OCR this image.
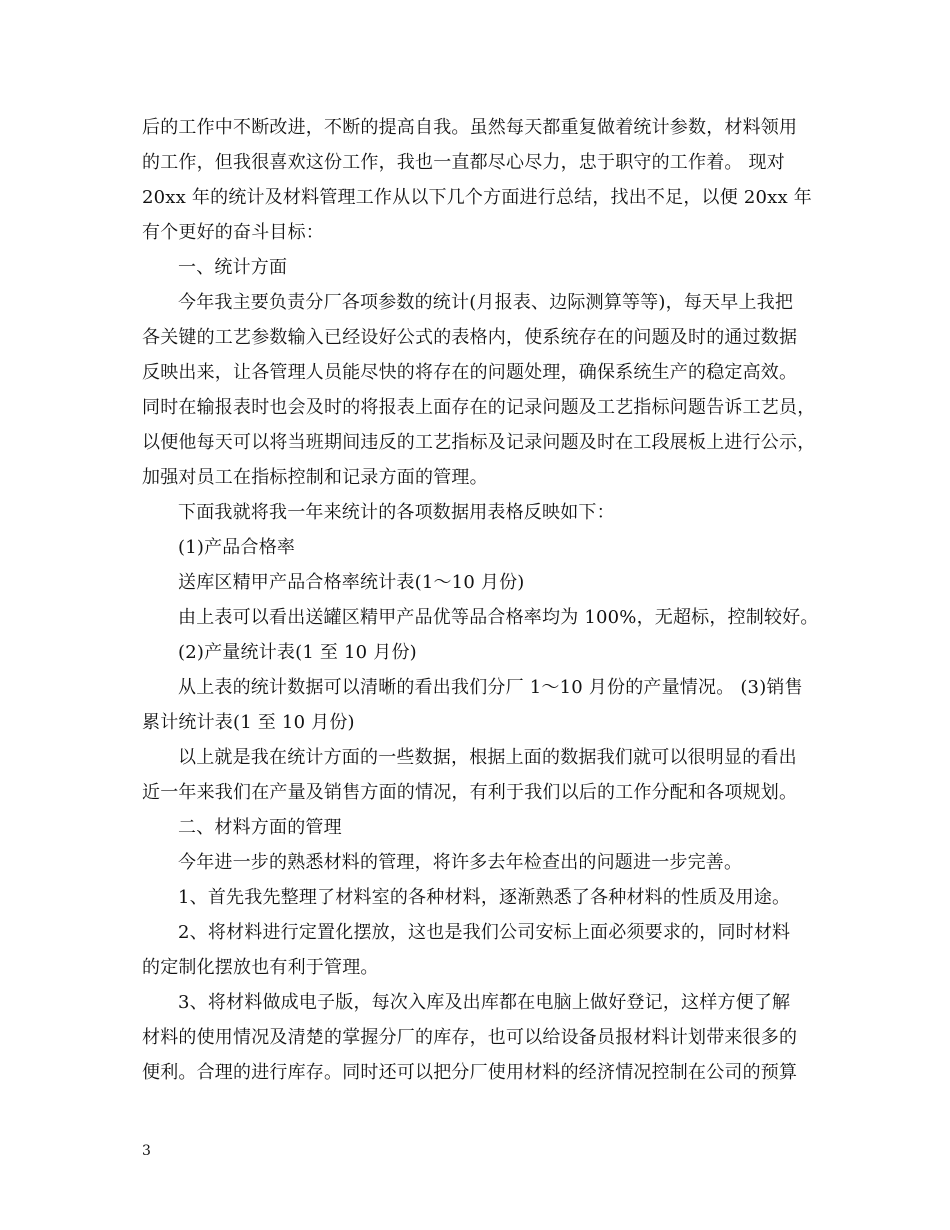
后的工作中不断改进，不断的提高自我。虽然每天都重复做着统计参数，材料领用
的工作，但我很喜欢这份工作，我也一直都尽心尽力，忠于职守的工作着。 现对
20xx 年的统计及材料管理工作从以下几个方面进行总结，找出不足，以便 20xx 年
有个更好的奋斗目标：
一、统计方面
今年我主要负责分厂各项参数的统计(月报表、边际测算等等)，每天早上我把
各关键的工艺参数输入已经设好公式的表格内，使系统存在的问题及时的通过数据
反映出来，让各管理人员能尽快的将存在的问题处理，确保系统生产的稳定高效。
同时在输报表时也会及时的将报表上面存在的记录问题及工艺指标问题告诉工艺员，
以便他每天可以将当班期间违反的工艺指标及记录问题及时在工段展板上进行公示，
加强对员工在指标控制和记录方面的管理。
下面我就将我一年来统计的各项数据用表格反映如下：
(1)产品合格率
送库区精甲产品合格率统计表(1～10 月份)
由上表可以看出送罐区精甲产品优等品合格率均为 100%，无超标，控制较好。
(2)产量统计表(1 至 10 月份)
从上表的统计数据可以清晰的看出我们分厂 1～10 月份的产量情况。 (3)销售
累计统计表(1 至 10 月份)
以上就是我在统计方面的一些数据，根据上面的数据我们就可以很明显的看出
近一年来我们在产量及销售方面的情况，有利于我们以后的工作分配和各项规划。
二、材料方面的管理
今年进一步的熟悉材料的管理，将许多去年检查出的问题进一步完善。
1、首先我先整理了材料室的各种材料，逐渐熟悉了各种材料的性质及用途。
2、将材料进行定置化摆放，这也是我们公司安标上面必须要求的，同时材料
的定制化摆放也有利于管理。
3、将材料做成电子版，每次入库及出库都在电脑上做好登记，这样方便了解
材料的使用情况及清楚的掌握分厂的库存，也可以给设备员报材料计划带来很多的
便利。合理的进行库存。同时还可以把分厂使用材料的经济情况控制在公司的预算
3
